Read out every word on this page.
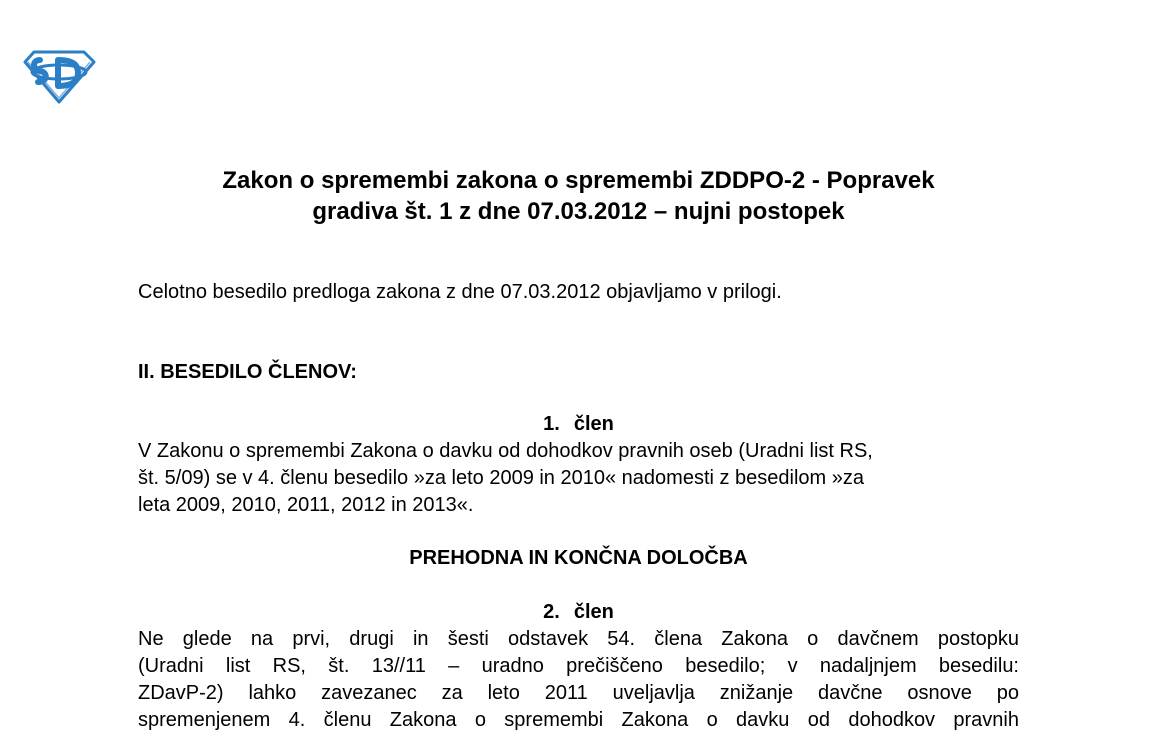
Zakon o spremembi zakona o spremembi ZDDPO-2 - Popravek
gradiva št. 1 z dne 07.03.2012 – nujni postopek
Celotno besedilo predloga zakona z dne 07.03.2012 objavljamo v prilogi.
II. BESEDILO ČLENOV:
1. člen
V Zakonu o spremembi Zakona o davku od dohodkov pravnih oseb (Uradni list RS,
št. 5/09) se v 4. členu besedilo »za leto 2009 in 2010« nadomesti z besedilom »za
leta 2009, 2010, 2011, 2012 in 2013«.
PREHODNA IN KONČNA DOLOČBA
2. člen
Ne glede na prvi, drugi in šesti odstavek 54. člena Zakona o davčnem postopku
(Uradni list RS, št. 13//11 – uradno prečiščeno besedilo; v nadaljnjem besedilu:
ZDavP-2) lahko zavezanec za leto 2011 uveljavlja znižanje davčne osnove po
spremenjenem 4. členu Zakona o spremembi Zakona o davku od dohodkov pravnih
